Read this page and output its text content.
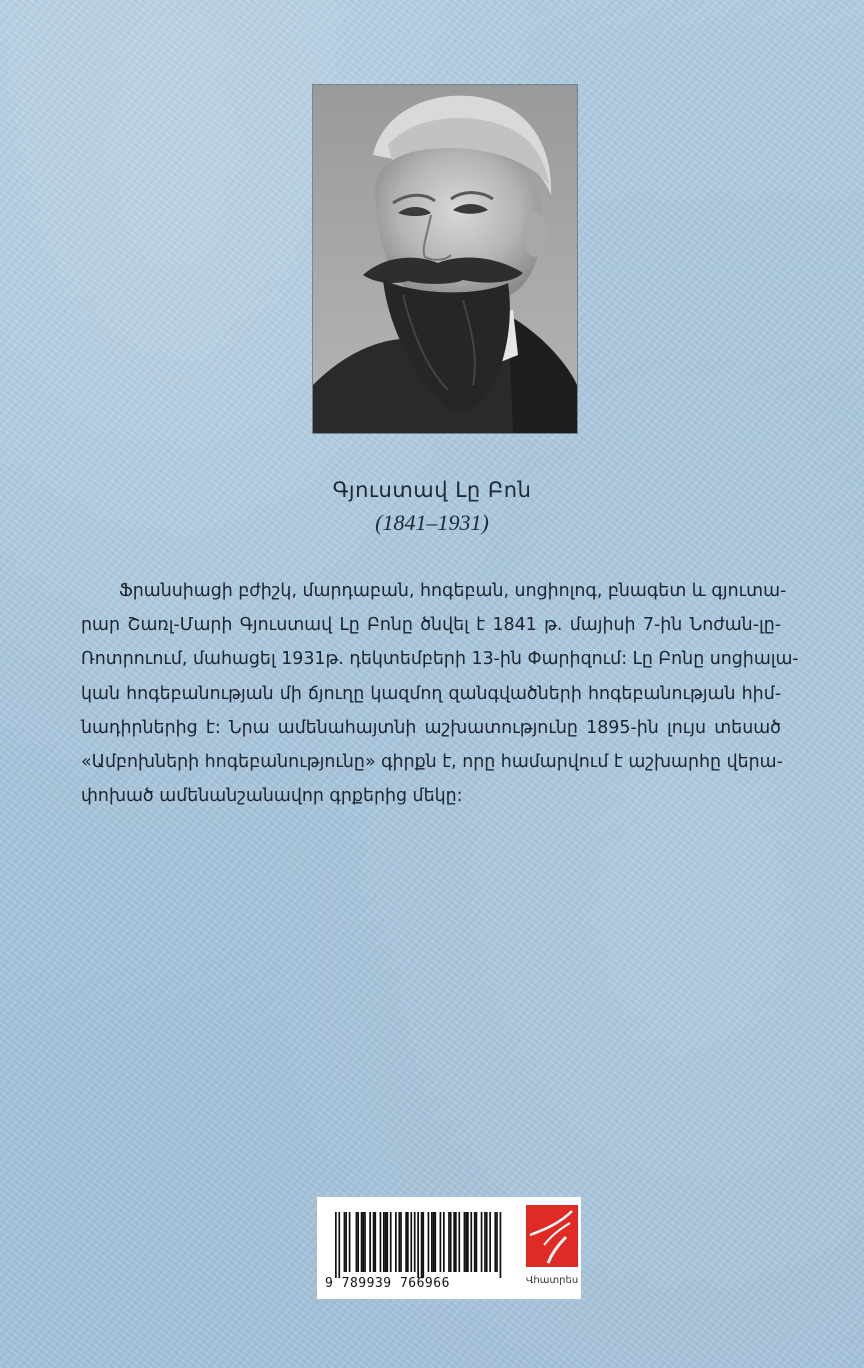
Գյուստավ Լը Բոն
(1841–1931)
Ֆրանսիացի բժիշկ, մարդաբան, հոգեբան, սոցիոլոգ, բնագետ և գյուտա-
րար Շառլ-Մարի Գյուստավ Լը Բոնը ծնվել է 1841 թ. մայիսի 7-ին Նոժան-լը-
Ռոտրուում, մահացել 1931թ. դեկտեմբերի 13-ին Փարիզում: Լը Բոնը սոցիալա-
կան հոգեբանության մի ճյուղը կազմող զանգվածների հոգեբանության հիմ-
նադիրներից է: Նրա ամենահայտնի աշխատությունը 1895-ին լույս տեսած
«Ամբոխների հոգեբանությունը» գիրքն է, որը համարվում է աշխարհը վերա-
փոխած ամենանշանավոր գրքերից մեկը:
9 789939 766966	Վհատրես
